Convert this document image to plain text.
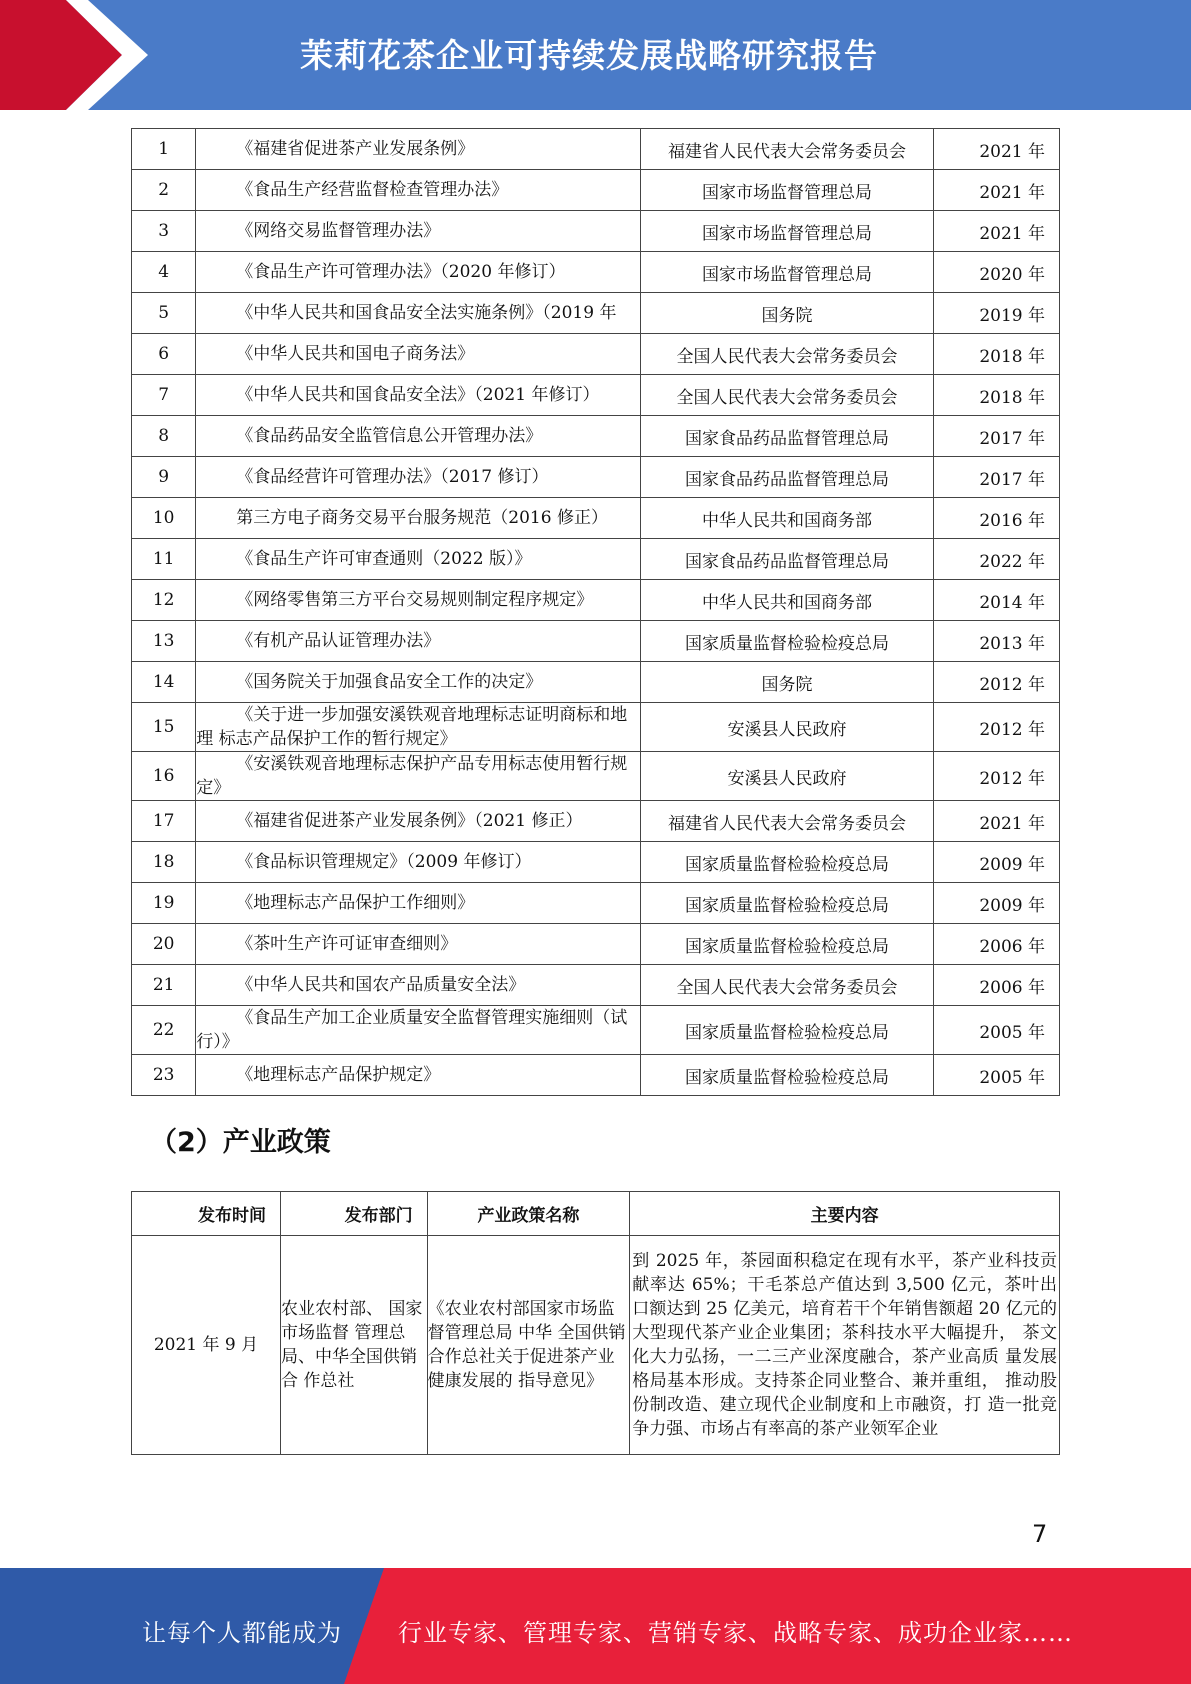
茉莉花茶企业可持续发展战略研究报告
1	《福建省促进茶产业发展条例》	福建省人民代表大会常务委员会	2021 年
2	《食品生产经营监督检查管理办法》	国家市场监督管理总局	2021 年
3	《网络交易监督管理办法》	国家市场监督管理总局	2021 年
4	《食品生产许可管理办法》（2020 年修订）	国家市场监督管理总局	2020 年
5	《中华人民共和国食品安全法实施条例》（2019 年	国务院	2019 年
6	《中华人民共和国电子商务法》	全国人民代表大会常务委员会	2018 年
7	《中华人民共和国食品安全法》（2021 年修订）	全国人民代表大会常务委员会	2018 年
8	《食品药品安全监管信息公开管理办法》	国家食品药品监督管理总局	2017 年
9	《食品经营许可管理办法》（2017 修订）	国家食品药品监督管理总局	2017 年
10	第三方电子商务交易平台服务规范（2016 修正）	中华人民共和国商务部	2016 年
11	《食品生产许可审查通则（2022 版）》	国家食品药品监督管理总局	2022 年
12	《网络零售第三方平台交易规则制定程序规定》	中华人民共和国商务部	2014 年
13	《有机产品认证管理办法》	国家质量监督检验检疫总局	2013 年
14	《国务院关于加强食品安全工作的决定》	国务院	2012 年
15	《关于进一步加强安溪铁观音地理标志证明商标和地
理 标志产品保护工作的暂行规定》	安溪县人民政府	2012 年
16	《安溪铁观音地理标志保护产品专用标志使用暂行规
定》	安溪县人民政府	2012 年
17	《福建省促进茶产业发展条例》（2021 修正）	福建省人民代表大会常务委员会	2021 年
18	《食品标识管理规定》（2009 年修订）	国家质量监督检验检疫总局	2009 年
19	《地理标志产品保护工作细则》	国家质量监督检验检疫总局	2009 年
20	《茶叶生产许可证审查细则》	国家质量监督检验检疫总局	2006 年
21	《中华人民共和国农产品质量安全法》	全国人民代表大会常务委员会	2006 年
22	《食品生产加工企业质量安全监督管理实施细则（试
行）》	国家质量监督检验检疫总局	2005 年
23	《地理标志产品保护规定》	国家质量监督检验检疫总局	2005 年
（2）产业政策
发布时间	发布部门	产业政策名称	主要内容
2021 年 9 月	农业农村部、 国家市场监督 管理总局、中华全国供销合 作总社	《农业农村部国家市场监督管理总局 中华 全国供销合作总社关于促进茶产业健康发展的 指导意见》	到 2025 年，茶园面积稳定在现有水平，茶产业科技贡 献率达 65%；干毛茶总产值达到 3,500 亿元，茶叶出口额达到 25 亿美元，培育若干个年销售额超 20 亿元的大型现代茶产业企业集团；茶科技水平大幅提升， 茶文化大力弘扬，一二三产业深度融合，茶产业高质 量发展格局基本形成。支持茶企同业整合、兼并重组， 推动股份制改造、建立现代企业制度和上市融资，打 造一批竞争力强、市场占有率高的茶产业领军企业
7
让每个人都能成为 行业专家、管理专家、营销专家、战略专家、成功企业家……
